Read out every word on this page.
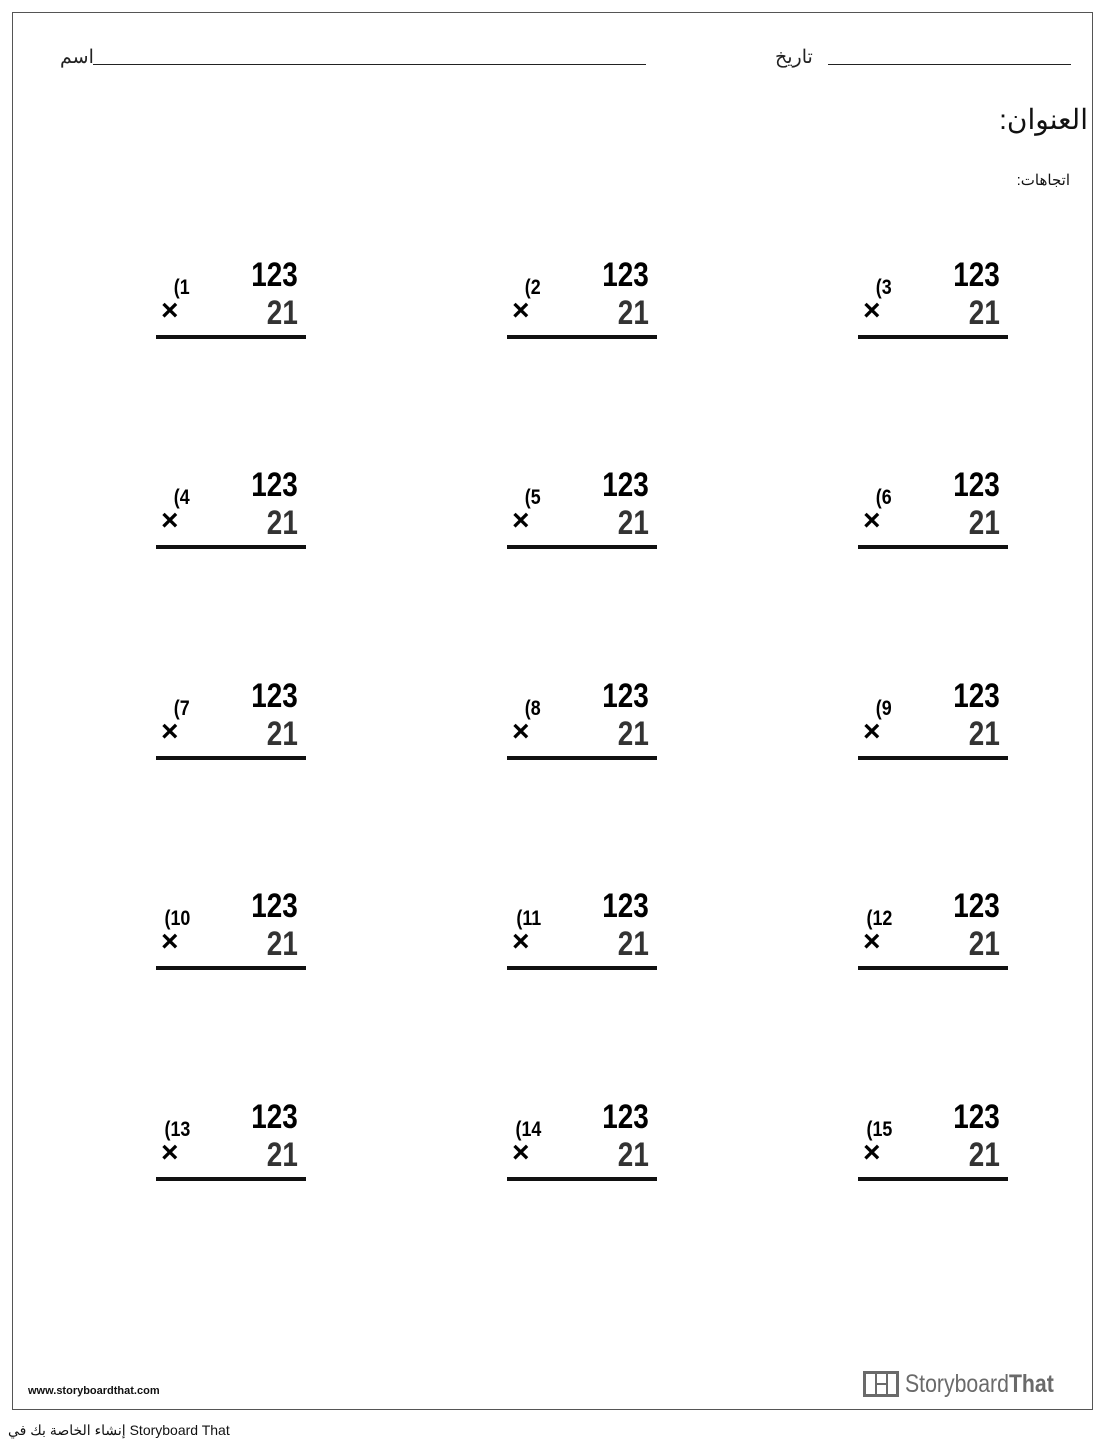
اسم	تاريخ
العنوان:
اتجاهات:
(1 123
×	21
(2 123
×	21
(3 123
×	21
(4 123
×	21
(5 123
×	21
(6 123
×	21
(7 123
×	21
(8 123
×	21
(9 123
×	21
(10 123
×	21
(11 123
×	21
(12 123
×	21
(13 123
×	21
(14 123
×	21
(15 123
×	21
www.storyboardthat.com	StoryboardThat
إنشاء الخاصة بك في Storyboard That
